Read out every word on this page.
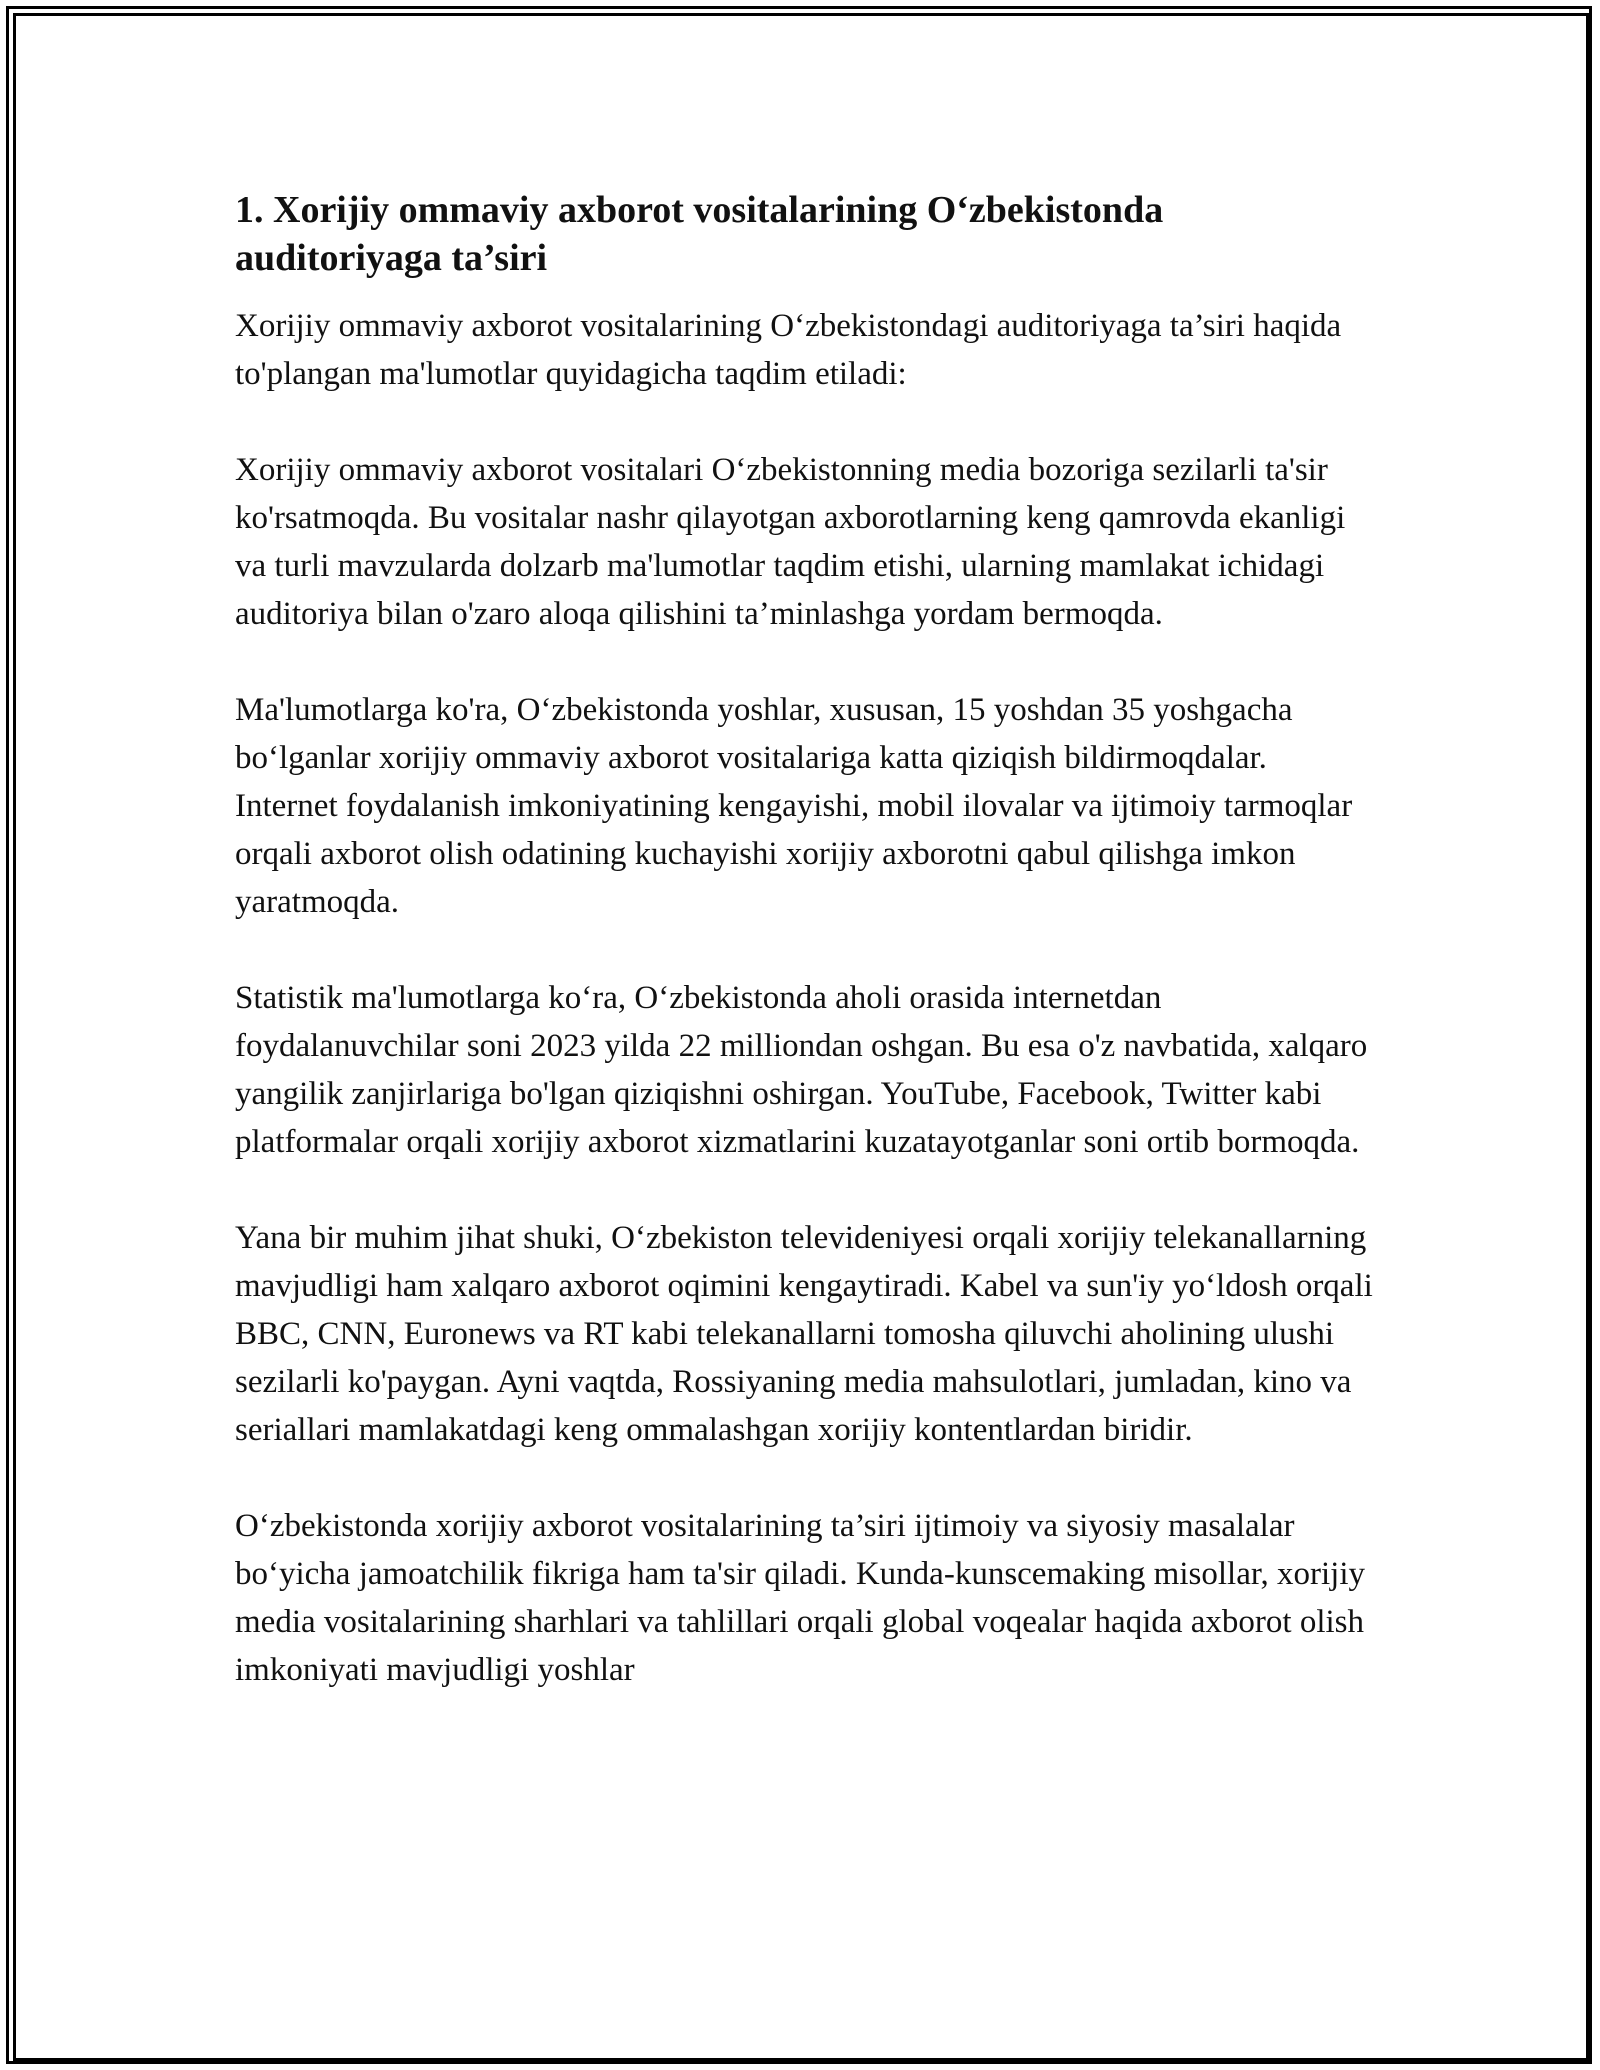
1. Xorijiy ommaviy axborot vositalarining O‘zbekistonda auditoriyaga ta’siri

Xorijiy ommaviy axborot vositalarining O‘zbekistondagi auditoriyaga ta’siri haqida to'plangan ma'lumotlar quyidagicha taqdim etiladi:

Xorijiy ommaviy axborot vositalari O‘zbekistonning media bozoriga sezilarli ta'sir ko'rsatmoqda. Bu vositalar nashr qilayotgan axborotlarning keng qamrovda ekanligi va turli mavzularda dolzarb ma'lumotlar taqdim etishi, ularning mamlakat ichidagi auditoriya bilan o'zaro aloqa qilishini ta’minlashga yordam bermoqda.

Ma'lumotlarga ko'ra, O‘zbekistonda yoshlar, xususan, 15 yoshdan 35 yoshgacha bo‘lganlar xorijiy ommaviy axborot vositalariga katta qiziqish bildirmoqdalar. Internet foydalanish imkoniyatining kengayishi, mobil ilovalar va ijtimoiy tarmoqlar orqali axborot olish odatining kuchayishi xorijiy axborotni qabul qilishga imkon yaratmoqda.

Statistik ma'lumotlarga ko‘ra, O‘zbekistonda aholi orasida internetdan foydalanuvchilar soni 2023 yilda 22 milliondan oshgan. Bu esa o'z navbatida, xalqaro yangilik zanjirlariga bo'lgan qiziqishni oshirgan. YouTube, Facebook, Twitter kabi platformalar orqali xorijiy axborot xizmatlarini kuzatayotganlar soni ortib bormoqda.

Yana bir muhim jihat shuki, O‘zbekiston televideniyesi orqali xorijiy telekanallarning mavjudligi ham xalqaro axborot oqimini kengaytiradi. Kabel va sun'iy yo‘ldosh orqali BBC, CNN, Euronews va RT kabi telekanallarni tomosha qiluvchi aholining ulushi sezilarli ko'paygan. Ayni vaqtda, Rossiyaning media mahsulotlari, jumladan, kino va seriallari mamlakatdagi keng ommalashgan xorijiy kontentlardan biridir.

O‘zbekistonda xorijiy axborot vositalarining ta’siri ijtimoiy va siyosiy masalalar bo‘yicha jamoatchilik fikriga ham ta'sir qiladi. Kunda-kunscemaking misollar, xorijiy media vositalarining sharhlari va tahlillari orqali global voqealar haqida axborot olish imkoniyati mavjudligi yoshlar
